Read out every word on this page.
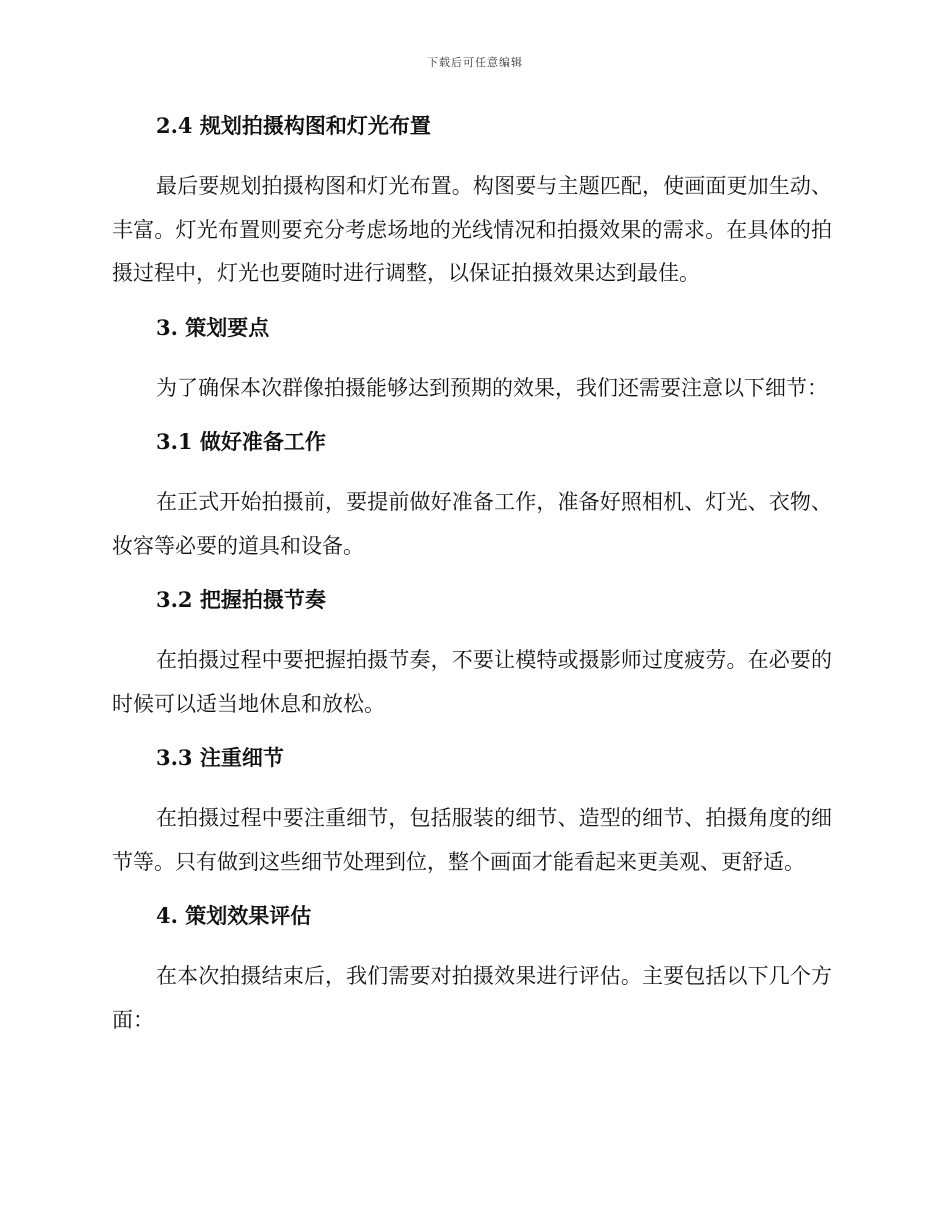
下载后可任意编辑
2.4 规划拍摄构图和灯光布置

最后要规划拍摄构图和灯光布置。构图要与主题匹配，使画面更加生动、丰富。灯光布置则要充分考虑场地的光线情况和拍摄效果的需求。在具体的拍摄过程中，灯光也要随时进行调整，以保证拍摄效果达到最佳。

3. 策划要点

为了确保本次群像拍摄能够达到预期的效果，我们还需要注意以下细节：

3.1 做好准备工作

在正式开始拍摄前，要提前做好准备工作，准备好照相机、灯光、衣物、妆容等必要的道具和设备。

3.2 把握拍摄节奏

在拍摄过程中要把握拍摄节奏，不要让模特或摄影师过度疲劳。在必要的时候可以适当地休息和放松。

3.3 注重细节

在拍摄过程中要注重细节，包括服装的细节、造型的细节、拍摄角度的细节等。只有做到这些细节处理到位，整个画面才能看起来更美观、更舒适。

4. 策划效果评估

在本次拍摄结束后，我们需要对拍摄效果进行评估。主要包括以下几个方面：
